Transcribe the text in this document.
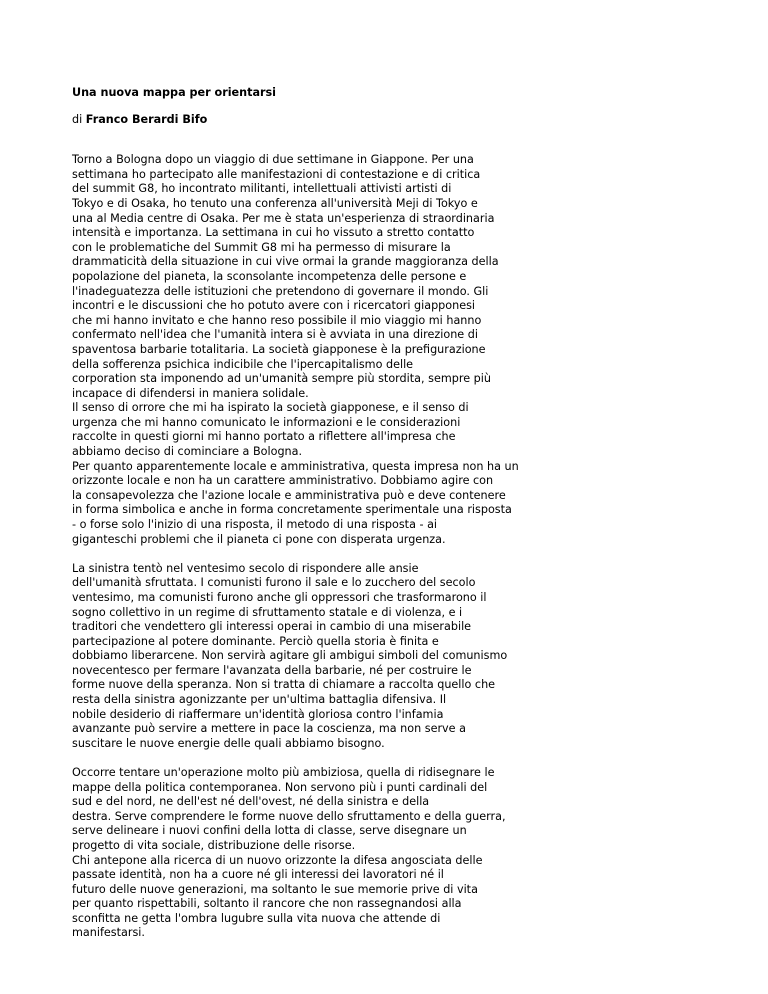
Una nuova mappa per orientarsi
di Franco Berardi Bifo
Torno a Bologna dopo un viaggio di due settimane in Giappone. Per una
settimana ho partecipato alle manifestazioni di contestazione e di critica
del summit G8, ho incontrato militanti, intellettuali attivisti artisti di
Tokyo e di Osaka, ho tenuto una conferenza all'università Meji di Tokyo e
una al Media centre di Osaka. Per me è stata un'esperienza di straordinaria
intensità e importanza. La settimana in cui ho vissuto a stretto contatto
con le problematiche del Summit G8 mi ha permesso di misurare la
drammaticità della situazione in cui vive ormai la grande maggioranza della
popolazione del pianeta, la sconsolante incompetenza delle persone e
l'inadeguatezza delle istituzioni che pretendono di governare il mondo. Gli
incontri e le discussioni che ho potuto avere con i ricercatori giapponesi
che mi hanno invitato e che hanno reso possibile il mio viaggio mi hanno
confermato nell'idea che l'umanità intera si è avviata in una direzione di
spaventosa barbarie totalitaria. La società giapponese è la prefigurazione
della sofferenza psichica indicibile che l'ipercapitalismo delle
corporation sta imponendo ad un'umanità sempre più stordita, sempre più
incapace di difendersi in maniera solidale.
Il senso di orrore che mi ha ispirato la società giapponese, e il senso di
urgenza che mi hanno comunicato le informazioni e le considerazioni
raccolte in questi giorni mi hanno portato a riflettere all'impresa che
abbiamo deciso di cominciare a Bologna.
Per quanto apparentemente locale e amministrativa, questa impresa non ha un
orizzonte locale e non ha un carattere amministrativo. Dobbiamo agire con
la consapevolezza che l'azione locale e amministrativa può e deve contenere
in forma simbolica e anche in forma concretamente sperimentale una risposta
- o forse solo l'inizio di una risposta, il metodo di una risposta - ai
giganteschi problemi che il pianeta ci pone con disperata urgenza.
La sinistra tentò nel ventesimo secolo di rispondere alle ansie
dell'umanità sfruttata. I comunisti furono il sale e lo zucchero del secolo
ventesimo, ma comunisti furono anche gli oppressori che trasformarono il
sogno collettivo in un regime di sfruttamento statale e di violenza, e i
traditori che vendettero gli interessi operai in cambio di una miserabile
partecipazione al potere dominante. Perciò quella storia è finita e
dobbiamo liberarcene. Non servirà agitare gli ambigui simboli del comunismo
novecentesco per fermare l'avanzata della barbarie, né per costruire le
forme nuove della speranza. Non si tratta di chiamare a raccolta quello che
resta della sinistra agonizzante per un'ultima battaglia difensiva. Il
nobile desiderio di riaffermare un'identità gloriosa contro l'infamia
avanzante può servire a mettere in pace la coscienza, ma non serve a
suscitare le nuove energie delle quali abbiamo bisogno.
Occorre tentare un'operazione molto più ambiziosa, quella di ridisegnare le
mappe della politica contemporanea. Non servono più i punti cardinali del
sud e del nord, ne dell'est né dell'ovest, né della sinistra e della
destra. Serve comprendere le forme nuove dello sfruttamento e della guerra,
serve delineare i nuovi confini della lotta di classe, serve disegnare un
progetto di vita sociale, distribuzione delle risorse.
Chi antepone alla ricerca di un nuovo orizzonte la difesa angosciata delle
passate identità, non ha a cuore né gli interessi dei lavoratori né il
futuro delle nuove generazioni, ma soltanto le sue memorie prive di vita
per quanto rispettabili, soltanto il rancore che non rassegnandosi alla
sconfitta ne getta l'ombra lugubre sulla vita nuova che attende di
manifestarsi.
